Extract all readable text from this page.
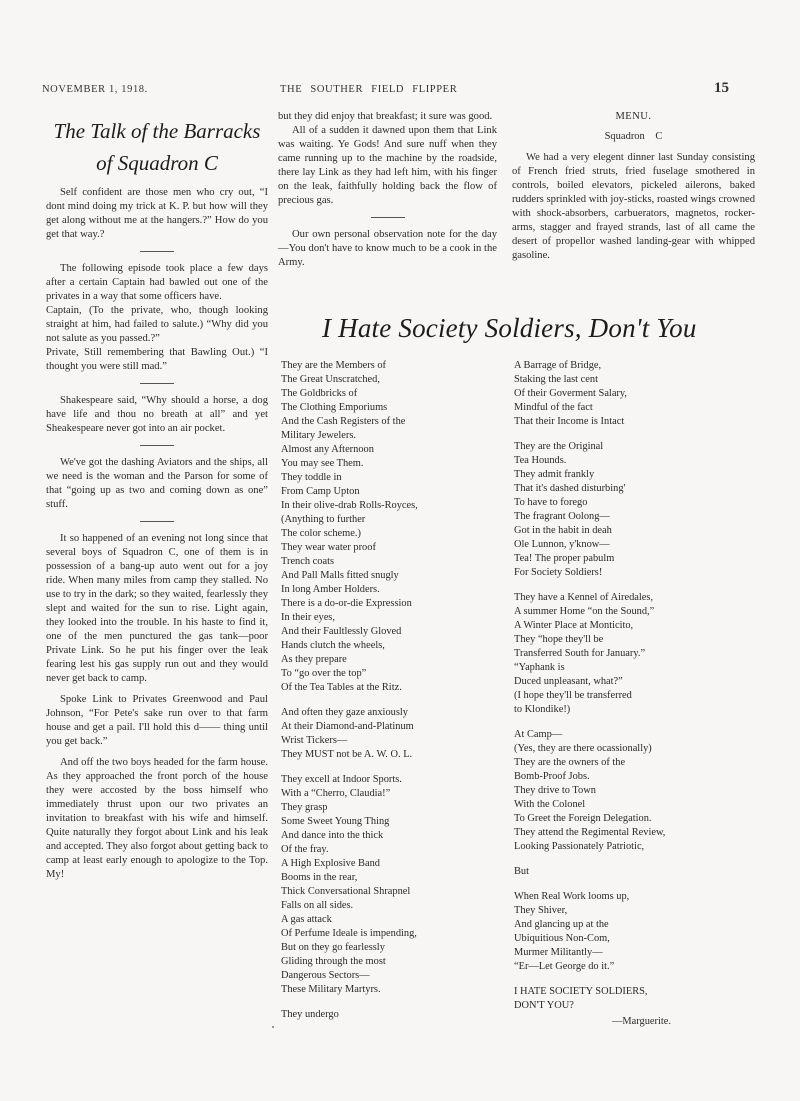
NOVEMBER 1, 1918.	THE SOUTHER FIELD FLIPPER	15
The Talk of the Barracks
of Squadron C

Self confident are those men who cry out, “I dont mind doing my trick at K. P. but how will they get along without me at the hangers.?” How do you get that way.?

The following episode took place a few days after a certain Captain had bawled out one of the privates in a way that some officers have.

Captain, (To the private, who, though looking straight at him, had failed to salute.) “Why did you not salute as you passed.?”

Private, Still remembering that Bawling Out.) “I thought you were still mad.”

Shakespeare said, “Why should a horse, a dog have life and thou no breath at all” and yet Sheakespeare never got into an air pocket.

We've got the dashing Aviators and the ships, all we need is the woman and the Parson for some of that “going up as two and coming down as one” stuff.

It so happened of an evening not long since that several boys of Squadron C, one of them is in possession of a bang-up auto went out for a joy ride. When many miles from camp they stalled. No use to try in the dark; so they waited, fearlessly they slept and waited for the sun to rise. Light again, they looked into the trouble. In his haste to find it, one of the men punctured the gas tank—poor Private Link. So he put his finger over the leak fearing lest his gas supply run out and they would never get back to camp.

Spoke Link to Privates Greenwood and Paul Johnson, “For Pete's sake run over to that farm house and get a pail. I'll hold this d—— thing until you get back.”

And off the two boys headed for the farm house. As they approached the front porch of the house they were accosted by the boss himself who immediately thrust upon our two privates an invitation to breakfast with his wife and himself. Quite naturally they forgot about Link and his leak and accepted. They also forgot about getting back to camp at least early enough to apologize to the Top. My!

but they did enjoy that breakfast; it sure was good.

All of a sudden it dawned upon them that Link was waiting. Ye Gods! And sure nuff when they came running up to the machine by the roadside, there lay Link as they had left him, with his finger on the leak, faithfully holding back the flow of precious gas.

Our own personal observation note for the day—You don't have to know much to be a cook in the Army.

MENU.
Squadron C

We had a very elegent dinner last Sunday consisting of French fried struts, fried fuselage smothered in controls, boiled elevators, pickeled ailerons, baked rudders sprinkled with joy-sticks, roasted wings crowned with shock-absorbers, carbuerators, magnetos, rocker-arms, stagger and frayed strands, last of all came the desert of propellor washed landing-gear with whipped gasoline.

I Hate Society Soldiers, Don't You
They are the Members of
The Great Unscratched,
The Goldbricks of
The Clothing Emporiums
And the Cash Registers of the
Military Jewelers.
Almost any Afternoon
You may see Them.
They toddle in
From Camp Upton
In their olive-drab Rolls-Royces,
(Anything to further
The color scheme.)
They wear water proof
Trench coats
And Pall Malls fitted snugly
In long Amber Holders.
There is a do-or-die Expression
In their eyes,
And their Faultlessly Gloved
Hands clutch the wheels,
As they prepare
To “go over the top”
Of the Tea Tables at the Ritz.
And often they gaze anxiously
At their Diamond-and-Platinum
Wrist Tickers—
They MUST not be A. W. O. L.
They excell at Indoor Sports.
With a “Cherro, Claudia!”
They grasp
Some Sweet Young Thing
And dance into the thick
Of the fray.
A High Explosive Band
Booms in the rear,
Thick Conversational Shrapnel
Falls on all sides.
A gas attack
Of Perfume Ideale is impending,
But on they go fearlessly
Gliding through the most
Dangerous Sectors—
These Military Martyrs.
They undergo
A Barrage of Bridge,
Staking the last cent
Of their Goverment Salary,
Mindful of the fact
That their Income is Intact
They are the Original
Tea Hounds.
They admit frankly
That it's dashed disturbing'
To have to forego
The fragrant Oolong—
Got in the habit in deah
Ole Lunnon, y'know—
Tea! The proper pabulm
For Society Soldiers!
They have a Kennel of Airedales,
A summer Home “on the Sound,”
A Winter Place at Monticito,
They “hope they'll be
Transferred South for January.”
“Yaphank is
Duced unpleasant, what?”
(I hope they'll be transferred
to Klondike!)
At Camp—
(Yes, they are there ocassionally)
They are the owners of the
Bomb-Proof Jobs.
They drive to Town
With the Colonel
To Greet the Foreign Delegation.
They attend the Regimental Review,
Looking Passionately Patriotic,
But
When Real Work looms up,
They Shiver,
And glancing up at the
Ubiquitious Non-Com,
Murmer Militantly—
“Er—Let George do it.”
I HATE SOCIETY SOLDIERS,
DON'T YOU?
—Marguerite.
